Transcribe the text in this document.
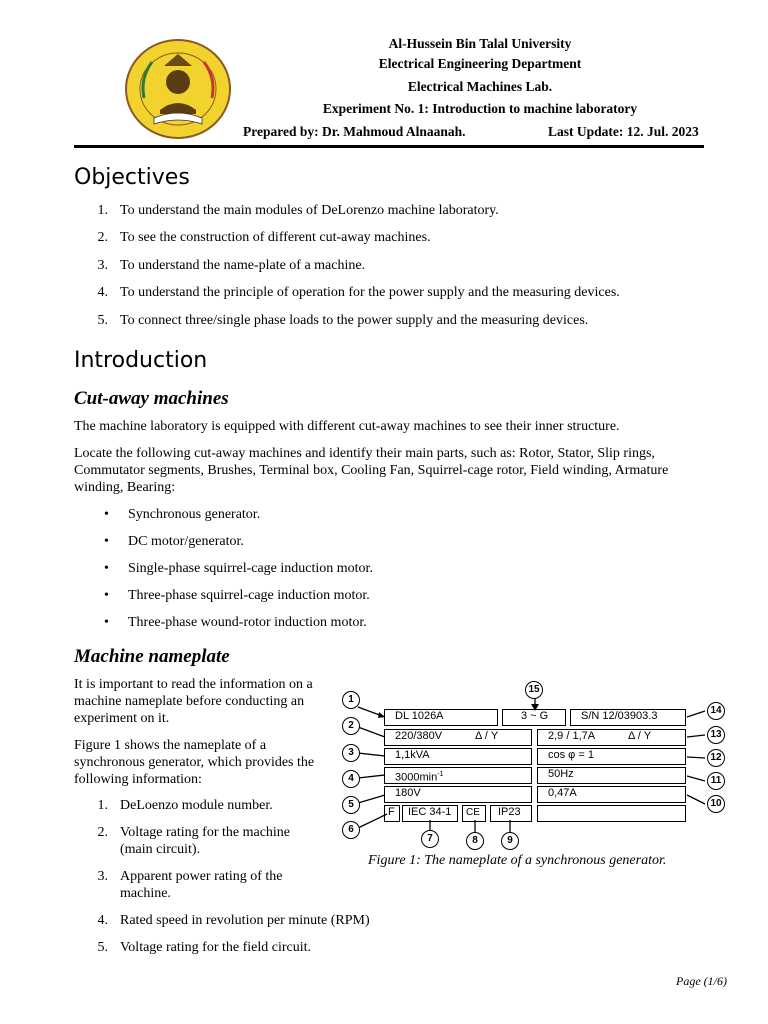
Al-Hussein Bin Talal University
Electrical Engineering Department
Electrical Machines Lab.
Experiment No. 1: Introduction to machine laboratory
Prepared by: Dr. Mahmoud Alnaanah.	Last Update: 12. Jul. 2023
Objectives
1. To understand the main modules of DeLorenzo machine laboratory.
2. To see the construction of different cut-away machines.
3. To understand the name-plate of a machine.
4. To understand the principle of operation for the power supply and the measuring devices.
5. To connect three/single phase loads to the power supply and the measuring devices.
Introduction
Cut-away machines
The machine laboratory is equipped with different cut-away machines to see their inner structure.
Locate the following cut-away machines and identify their main parts, such as: Rotor, Stator, Slip rings,
Commutator segments, Brushes, Terminal box, Cooling Fan, Squirrel-cage rotor, Field winding, Armature
winding, Bearing:
• Synchronous generator.
• DC motor/generator.
• Single-phase squirrel-cage induction motor.
• Three-phase squirrel-cage induction motor.
• Three-phase wound-rotor induction motor.
Machine nameplate
It is important to read the information on a
machine nameplate before conducting an
experiment on it.
Figure 1 shows the nameplate of a
synchronous generator, which provides the
following information:
1. DeLoenzo module number.
2. Voltage rating for the machine
(main circuit).
3. Apparent power rating of the
machine.
4. Rated speed in revolution per minute (RPM)
5. Voltage rating for the field circuit.
DL 1026A	3 ~ G	S/N 12/03903.3
220/380V	Δ / Y	2,9 / 1,7A	Δ / Y
1,1kVA	cos φ = 1
$3000\min^{-1}$	50Hz
180V	0,47A
F	IEC 34-1	CE	IP23
1
2
3
4
5
6
7	8	9
10
11
12
13
14
15
Figure 1: The nameplate of a synchronous generator.
Page (1/6)
